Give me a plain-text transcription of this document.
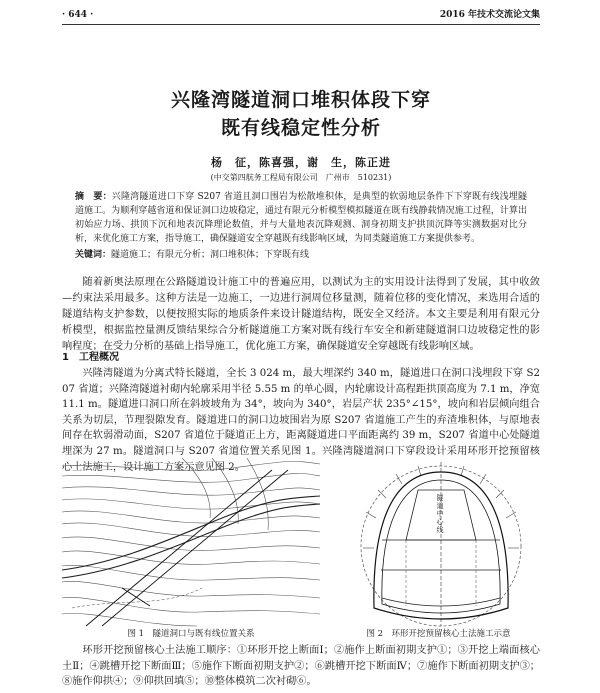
· 644 ·	2016 年技术交流论文集
兴隆湾隧道洞口堆积体段下穿
既有线稳定性分析
杨　征，陈喜强，谢　生，陈正进
(中交第四航务工程局有限公司　广州市　510231)
摘　要：兴隆湾隧道进口下穿 S207 省道且洞口围岩为松散堆积体，是典型的软弱地层条件下下穿既有线浅埋隧道施工。为顺利穿越省道和保证洞口边坡稳定，通过有限元分析模型模拟隧道在既有线静载情况施工过程，计算出初始应力场、拱顶下沉和地表沉降理论数值，并与大量地表沉降观测、洞身初期支护拱顶沉降等实测数据对比分析，来优化施工方案，指导施工，确保隧道安全穿越既有线影响区域，为同类隧道施工方案提供参考。
关键词：隧道施工；有限元分析；洞口堆积体；下穿既有线
随着新奥法原理在公路隧道设计施工中的普遍应用，以测试为主的实用设计法得到了发展，其中收敛—约束法采用最多。这种方法是一边施工，一边进行洞周位移量测，随着位移的变化情况，来选用合适的隧道结构支护参数，以便按照实际的地质条件来设计隧道结构，既安全又经济。本文主要是利用有限元分析模型，根据监控量测反馈结果综合分析隧道施工方案对既有线行车安全和新建隧道洞口边坡稳定性的影响程度；在受力分析的基础上指导施工，优化施工方案，确保隧道安全穿越既有线影响区域。
1　工程概况
兴隆湾隧道为分离式特长隧道，全长 3 024 m，最大埋深约 340 m，隧道进口在洞口浅埋段下穿 S207 省道；兴隆湾隧道衬砌内轮廓采用半径 5.55 m 的单心圆，内轮廓设计高程距拱顶高度为 7.1 m，净宽 11.1 m。隧道进口洞口所在斜坡坡角为 34°，坡向为 340°，岩层产状 235°∠15°，坡向和岩层倾向组合关系为切层，节理裂隙发育。隧道进口的洞口边坡围岩为原 S207 省道施工产生的弃渣堆积体，与原地表间存在软弱滑动面，S207 省道位于隧道正上方，距离隧道进口平面距离约 39 m，S207 省道中心处隧道埋深为 27 m。隧道洞口与 S207 省道位置关系见图 1。兴隆湾隧道洞口下穿段设计采用环形开挖预留核心土法施工，设计施工方案示意见图 2。
隧道中心线
图 1　隧道洞口与既有线位置关系	图 2　环形开挖预留核心土法施工示意
环形开挖预留核心土法施工顺序：①环形开挖上断面Ⅰ；②施作上断面初期支护①；③开挖上端面核心土Ⅱ；④跳槽开挖下断面Ⅲ；⑤施作下断面初期支护②；⑥跳槽开挖下断面Ⅳ；⑦施作下断面初期支护③；⑧施作仰拱④；⑨仰拱回填⑤；⑩整体模筑二次衬砌⑥。
